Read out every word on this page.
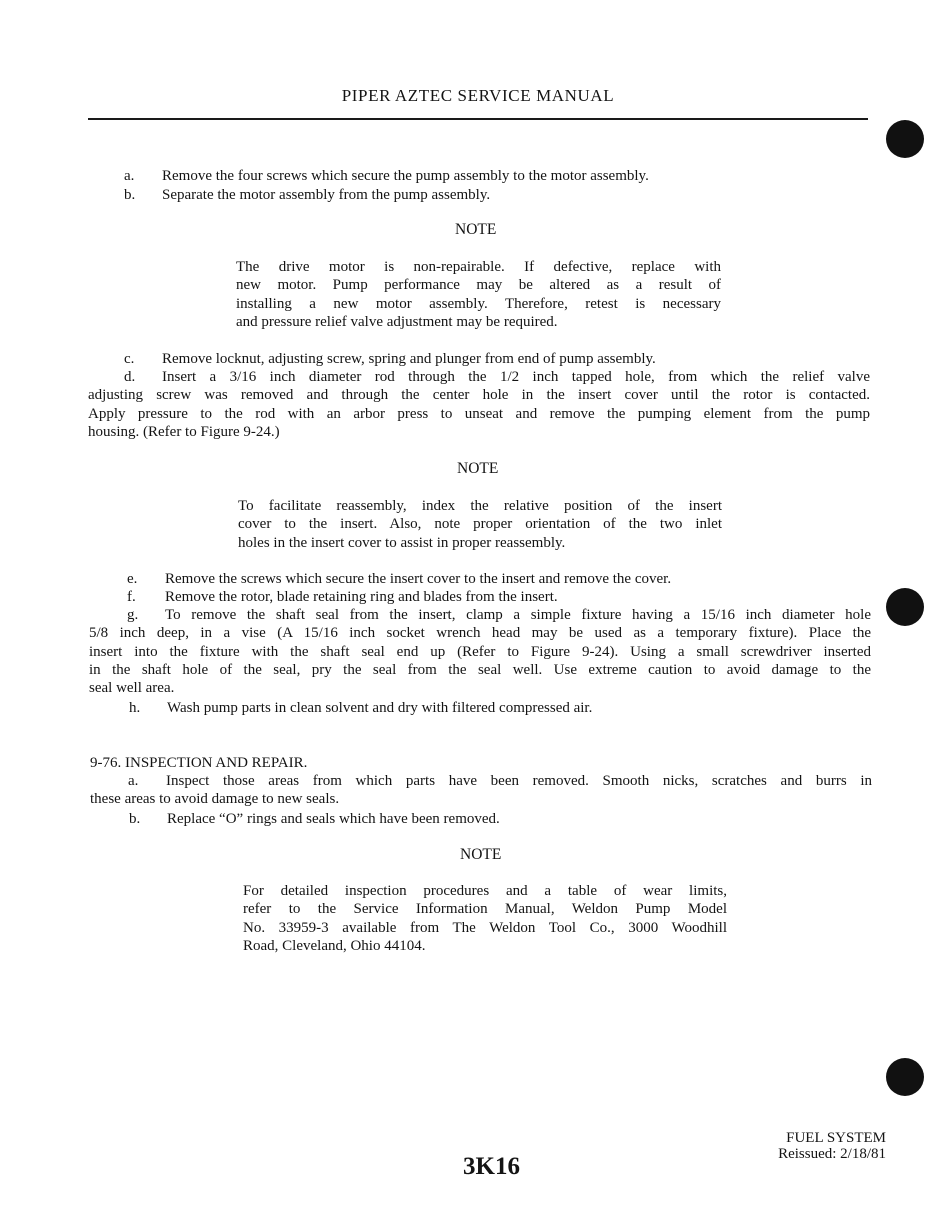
PIPER AZTEC SERVICE MANUAL
a. Remove the four screws which secure the pump assembly to the motor assembly.
b. Separate the motor assembly from the pump assembly.
NOTE
The drive motor is non-repairable. If defective, replace with
new motor. Pump performance may be altered as a result of
installing a new motor assembly. Therefore, retest is necessary
and pressure relief valve adjustment may be required.
c. Remove locknut, adjusting screw, spring and plunger from end of pump assembly.
d. Insert a 3/16 inch diameter rod through the 1/2 inch tapped hole, from which the relief valve
adjusting screw was removed and through the center hole in the insert cover until the rotor is contacted.
Apply pressure to the rod with an arbor press to unseat and remove the pumping element from the pump
housing. (Refer to Figure 9-24.)
NOTE
To facilitate reassembly, index the relative position of the insert
cover to the insert. Also, note proper orientation of the two inlet
holes in the insert cover to assist in proper reassembly.
e. Remove the screws which secure the insert cover to the insert and remove the cover.
f. Remove the rotor, blade retaining ring and blades from the insert.
g. To remove the shaft seal from the insert, clamp a simple fixture having a 15/16 inch diameter hole
5/8 inch deep, in a vise (A 15/16 inch socket wrench head may be used as a temporary fixture). Place the
insert into the fixture with the shaft seal end up (Refer to Figure 9-24). Using a small screwdriver inserted
in the shaft hole of the seal, pry the seal from the seal well. Use extreme caution to avoid damage to the
seal well area.
h. Wash pump parts in clean solvent and dry with filtered compressed air.
9-76. INSPECTION AND REPAIR.
a. Inspect those areas from which parts have been removed. Smooth nicks, scratches and burrs in
these areas to avoid damage to new seals.
b. Replace “O” rings and seals which have been removed.
NOTE
For detailed inspection procedures and a table of wear limits,
refer to the Service Information Manual, Weldon Pump Model
No. 33959-3 available from The Weldon Tool Co., 3000 Woodhill
Road, Cleveland, Ohio 44104.
3K16
FUEL SYSTEM
Reissued: 2/18/81
